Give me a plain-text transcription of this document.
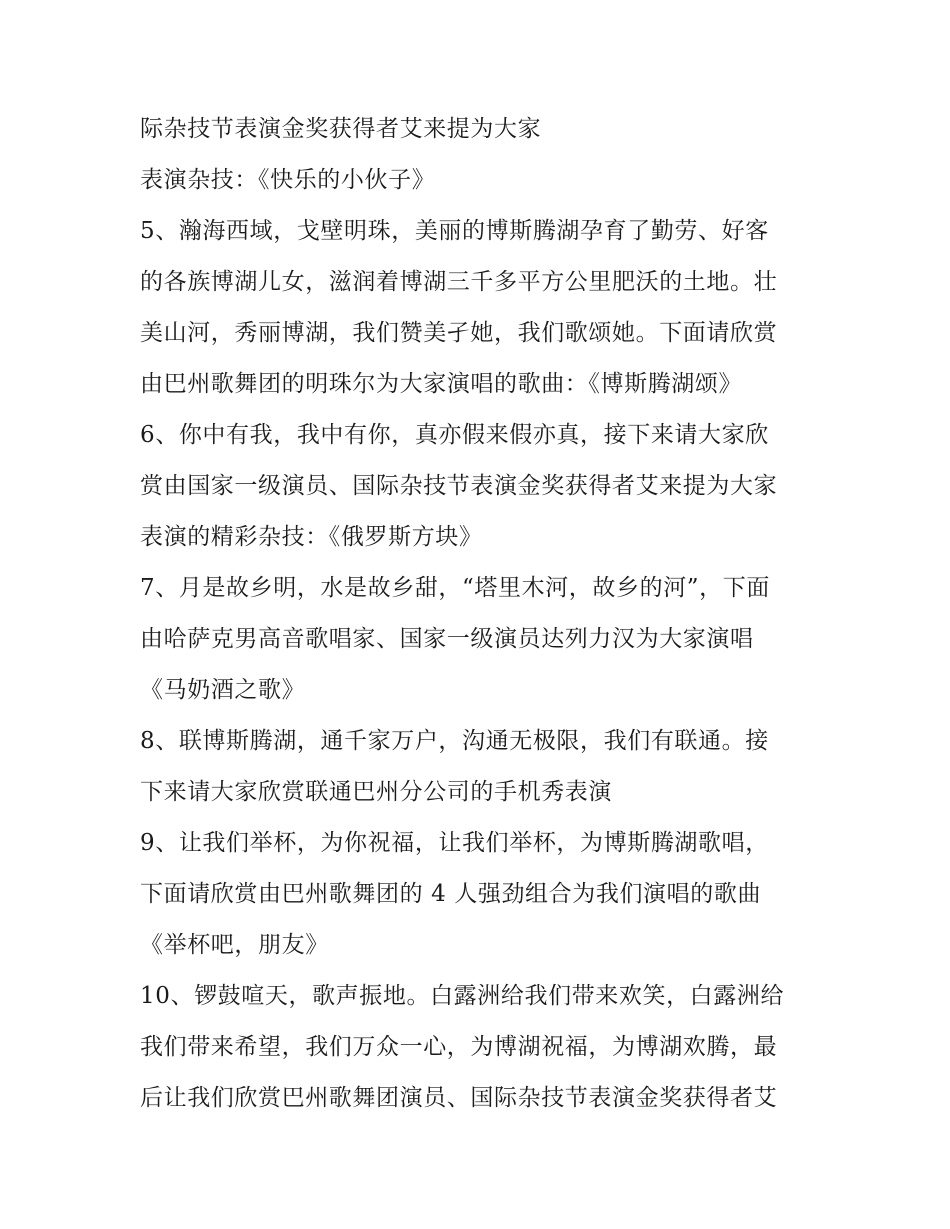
际杂技节表演金奖获得者艾来提为大家
表演杂技：《快乐的小伙子》
5、瀚海西域，戈壁明珠，美丽的博斯腾湖孕育了勤劳、好客
的各族博湖儿女，滋润着博湖三千多平方公里肥沃的土地。壮
美山河，秀丽博湖，我们赞美孑她，我们歌颂她。下面请欣赏
由巴州歌舞团的明珠尔为大家演唱的歌曲：《博斯腾湖颂》
6、你中有我，我中有你，真亦假来假亦真，接下来请大家欣
赏由国家一级演员、国际杂技节表演金奖获得者艾来提为大家
表演的精彩杂技：《俄罗斯方块》
7、月是故乡明，水是故乡甜，“塔里木河，故乡的河”，下面
由哈萨克男高音歌唱家、国家一级演员达列力汉为大家演唱
《马奶酒之歌》
8、联博斯腾湖，通千家万户，沟通无极限，我们有联通。接
下来请大家欣赏联通巴州分公司的手机秀表演
9、让我们举杯，为你祝福，让我们举杯，为博斯腾湖歌唱，
下面请欣赏由巴州歌舞团的 4 人强劲组合为我们演唱的歌曲
《举杯吧，朋友》
10、锣鼓喧天，歌声振地。白露洲给我们带来欢笑，白露洲给
我们带来希望，我们万众一心，为博湖祝福，为博湖欢腾，最
后让我们欣赏巴州歌舞团演员、国际杂技节表演金奖获得者艾
